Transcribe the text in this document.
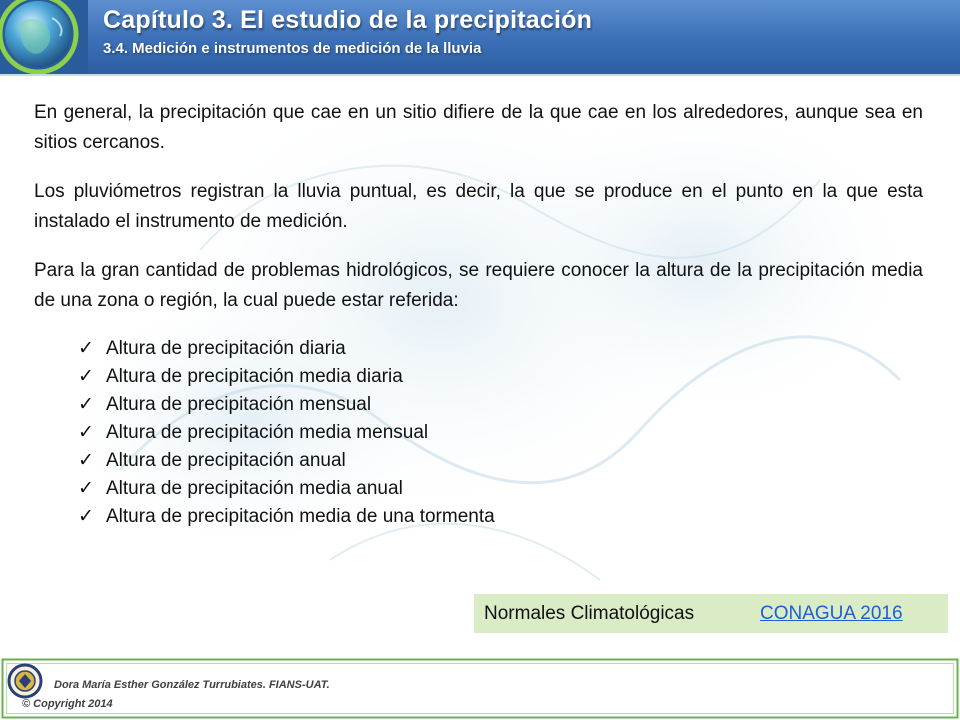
Capítulo 3. El estudio de la precipitación
3.4. Medición e instrumentos de medición de la lluvia

En general, la precipitación que cae en un sitio difiere de la que cae en los alrededores, aunque sea en sitios cercanos.

Los pluviómetros registran la lluvia puntual, es decir, la que se produce en el punto en la que esta instalado el instrumento de medición.

Para la gran cantidad de problemas hidrológicos, se requiere conocer la altura de la precipitación media de una zona o región, la cual puede estar referida:

✓ Altura de precipitación diaria
✓ Altura de precipitación media diaria
✓ Altura de precipitación mensual
✓ Altura de precipitación media mensual
✓ Altura de precipitación anual
✓ Altura de precipitación media anual
✓ Altura de precipitación media de una tormenta
Normales Climatológicas	CONAGUA 2016
Dora María Esther González Turrubiates. FIANS-UAT.
© Copyright 2014
